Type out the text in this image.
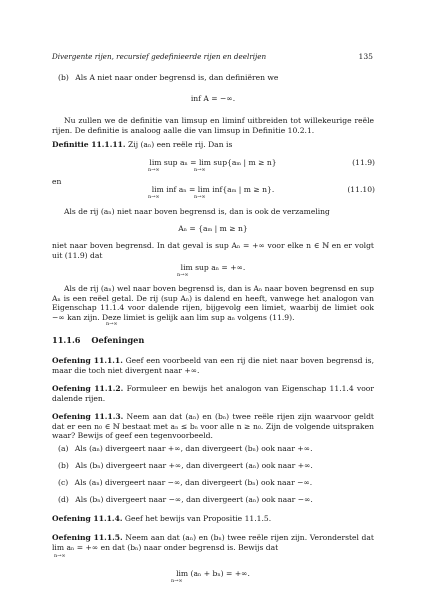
Divergente rijen, recursief gedefinieerde rijen en deelrijen	135
(b) Als A niet naar onder begrensd is, dan definiëren we
inf A = −∞.
Nu zullen we de definitie van limsup en liminf uitbreiden tot willekeurige reële rijen. De definitie is analoog aalle die van limsup in Definitie 10.2.1.
Definitie 11.1.11. Zij (aₙ) een reële rij. Dan is
lim sup aₙ = lim sup{aₘ | m ≥ n}
n→∞	n→∞
(11.9)
en
lim inf aₙ = lim inf{aₘ | m ≥ n}.
n→∞	n→∞
(11.10)
Als de rij (aₙ) niet naar boven begrensd is, dan is ook de verzameling
Aₙ = {aₘ | m ≥ n}
niet naar boven begrensd. In dat geval is sup Aₙ = +∞ voor elke n ∈ ℕ en er volgt uit (11.9) dat
lim sup aₙ = +∞.
n→∞
Als de rij (aₙ) wel naar boven begrensd is, dan is Aₙ naar boven begrensd en sup Aₙ is een reëel getal. De rij (sup Aₙ) is dalend en heeft, vanwege het analogon van Eigenschap 11.1.4 voor dalende rijen, bijgevolg een limiet, waarbij de limiet ook −∞ kan zijn. Deze limiet is gelijk aan lim sup aₙ volgens (11.9).
n→∞
11.1.6 Oefeningen
Oefening 11.1.1. Geef een voorbeeld van een rij die niet naar boven begrensd is, maar die toch niet divergent naar +∞.
Oefening 11.1.2. Formuleer en bewijs het analogon van Eigenschap 11.1.4 voor dalende rijen.
Oefening 11.1.3. Neem aan dat (aₙ) en (bₙ) twee reële rijen zijn waarvoor geldt dat er een n₀ ∈ ℕ bestaat met aₙ ≤ bₙ voor alle n ≥ n₀. Zijn de volgende uitspraken waar? Bewijs of geef een tegenvoorbeeld.
(a) Als (aₙ) divergeert naar +∞, dan divergeert (bₙ) ook naar +∞.
(b) Als (bₙ) divergeert naar +∞, dan divergeert (aₙ) ook naar +∞.
(c) Als (aₙ) divergeert naar −∞, dan divergeert (bₙ) ook naar −∞.
(d) Als (bₙ) divergeert naar −∞, dan divergeert (aₙ) ook naar −∞.
Oefening 11.1.4. Geef het bewijs van Propositie 11.1.5.
Oefening 11.1.5. Neem aan dat (aₙ) en (bₙ) twee reële rijen zijn. Veronderstel dat lim aₙ = +∞ en dat (bₙ) naar onder begrensd is. Bewijs dat
n→∞
lim (aₙ + bₙ) = +∞.
n→∞
